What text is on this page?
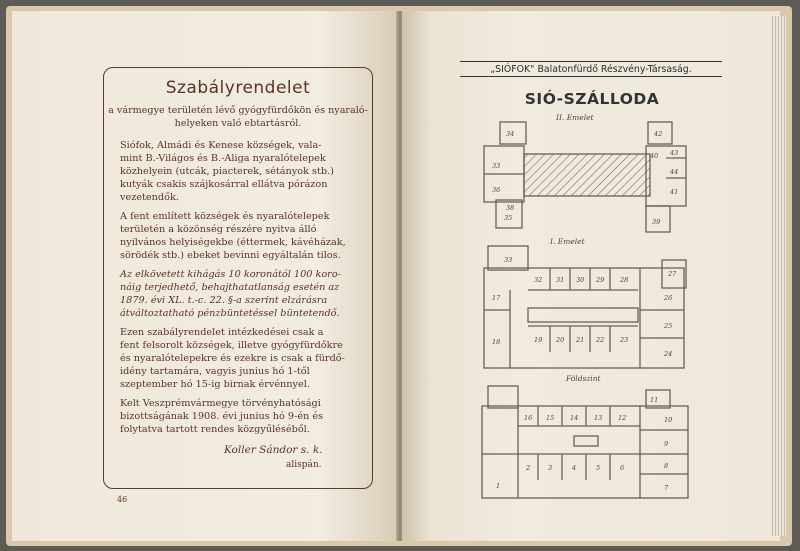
Szabályrendelet
a vármegye területén lévő gyógyfürdőkön és nyaraló-
helyeken való ebtartásról.
Siófok, Almádi és Kenese községek, vala-
mint B.-Világos és B.-Aliga nyaralótelepek
közhelyein (utcák, piacterek, sétányok stb.)
kutyák csakis szájkosárral ellátva pórázon
vezetendők.
A fent említett községek és nyaralótelepek
területén a közönség részére nyitva álló
nyilvános helyiségekbe (éttermek, kávéházak,
sörödék stb.) ebeket bevinni egyáltalán tilos.
Az elkövetett kihágás 10 koronától 100 koro-
náig terjedhető, behajthatatlanság esetén az
1879. évi XL. t.-c. 22. §-a szerint elzárásra
átváltoztatható pénzbüntetéssel büntetendő.
Ezen szabályrendelet intézkedései csak a
fent felsorolt községek, illetve gyógyfürdőkre
és nyaralótelepekre és ezekre is csak a fürdő-
idény tartamára, vagyis junius hó 1-től
szeptember hó 15-ig birnak érvénnyel.
Kelt Veszprémvármegye törvényhatósági
bizottságának 1908. évi junius hó 9-én és
folytatva tartott rendes közgyűléséből.
Koller Sándor s. k.
alispán.
46
„SIÓFOK" Balatonfürdő Részvény-Társaság.
SIÓ-SZÁLLODA
II. Emelet
I. Emelet
Földszint
34
33
36
35
42
43
44
41
40
39
38
33
32 31 30 29 28
27
26
25
24
17
18	19 20 21 22 23
16 15 14 13 12
11
10
9
8
7
1
2	3	4	5	6
